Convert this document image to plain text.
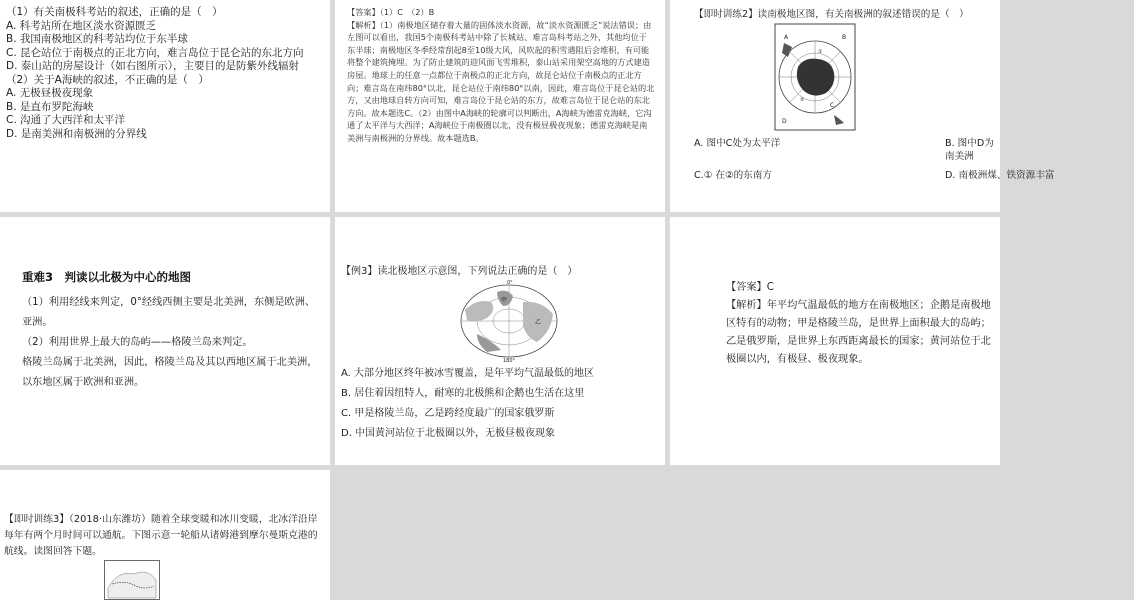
（1）有关南极科考站的叙述，正确的是（　）
A. 科考站所在地区淡水资源匮乏
B. 我国南极地区的科考站均位于东半球
C. 昆仑站位于南极点的正北方向，难言岛位于昆仑站的东北方向
D. 泰山站的房屋设计（如右图所示），主要目的是防紫外线辐射
（2）关于A海峡的叙述，不正确的是（　）
A. 无极昼极夜现象
B. 是直布罗陀海峡
C. 沟通了大西洋和太平洋
D. 是南美洲和南极洲的分界线
【答案】（1）C　（2）B
【解析】（1）南极地区储存着大量的固体淡水资源，故“淡水资源匮乏”说法错误；由左图可以看出，我国5个南极科考站中除了长城站、难言岛科考站之外，其他均位于东半球；南极地区冬季经常刮起8至10级大风，风吹起的积雪遇阻后会堆积，有可能将整个建筑掩埋。为了防止建筑的迎风面飞雪堆积，泰山站采用架空高地的方式建造房屋。地球上的任意一点都位于南极点的正北方向，故昆仑站位于南极点的正北方向；难言岛在南纬80°以北，昆仑站位于南纬80°以南，因此，难言岛位于昆仑站的北方，又由地球自转方向可知，难言岛位于昆仑站的东方，故难言岛位于昆仑站的东北方向。故本题选C。（2）由图中A海峡的轮廓可以判断出，A海峡为德雷克海峡，它沟通了太平洋与大西洋；A海峡位于南极圈以北，没有极昼极夜现象；德雷克海峡是南美洲与南极洲的分界线。故本题选B。
【即时训练2】读南极地区图，有关南极洲的叙述错误的是（　）
A	B
C
D
①
②
A. 图中C处为太平洋	B. 图中D为南美洲
C.① 在②的东南方	D. 南极洲煤、铁资源丰富
重难3　判读以北极为中心的地图
（1）利用经线来判定，0°经线西侧主要是北美洲，东侧是欧洲、亚洲。
（2）利用世界上最大的岛屿——格陵兰岛来判定。
格陵兰岛属于北美洲，因此，格陵兰岛及其以西地区属于北美洲，以东地区属于欧洲和亚洲。
【例3】读北极地区示意图，下列说法正确的是（　）
0°
180°
甲
乙
A. 大部分地区终年被冰雪覆盖，是年平均气温最低的地区
B. 居住着因纽特人，耐寒的北极熊和企鹅也生活在这里
C. 甲是格陵兰岛，乙是跨经度最广的国家俄罗斯
D. 中国黄河站位于北极圈以外，无极昼极夜现象
【答案】C
【解析】年平均气温最低的地方在南极地区；企鹅是南极地区特有的动物；甲是格陵兰岛，是世界上面积最大的岛屿；乙是俄罗斯，是世界上东西距离最长的国家；黄河站位于北极圈以内，有极昼、极夜现象。
【即时训练3】（2018·山东潍坊）随着全球变暖和冰川变暖，北冰洋沿岸每年有两个月时间可以通航。下图示意一轮船从诸姆港到摩尔曼斯克港的航线。读图回答下题。
